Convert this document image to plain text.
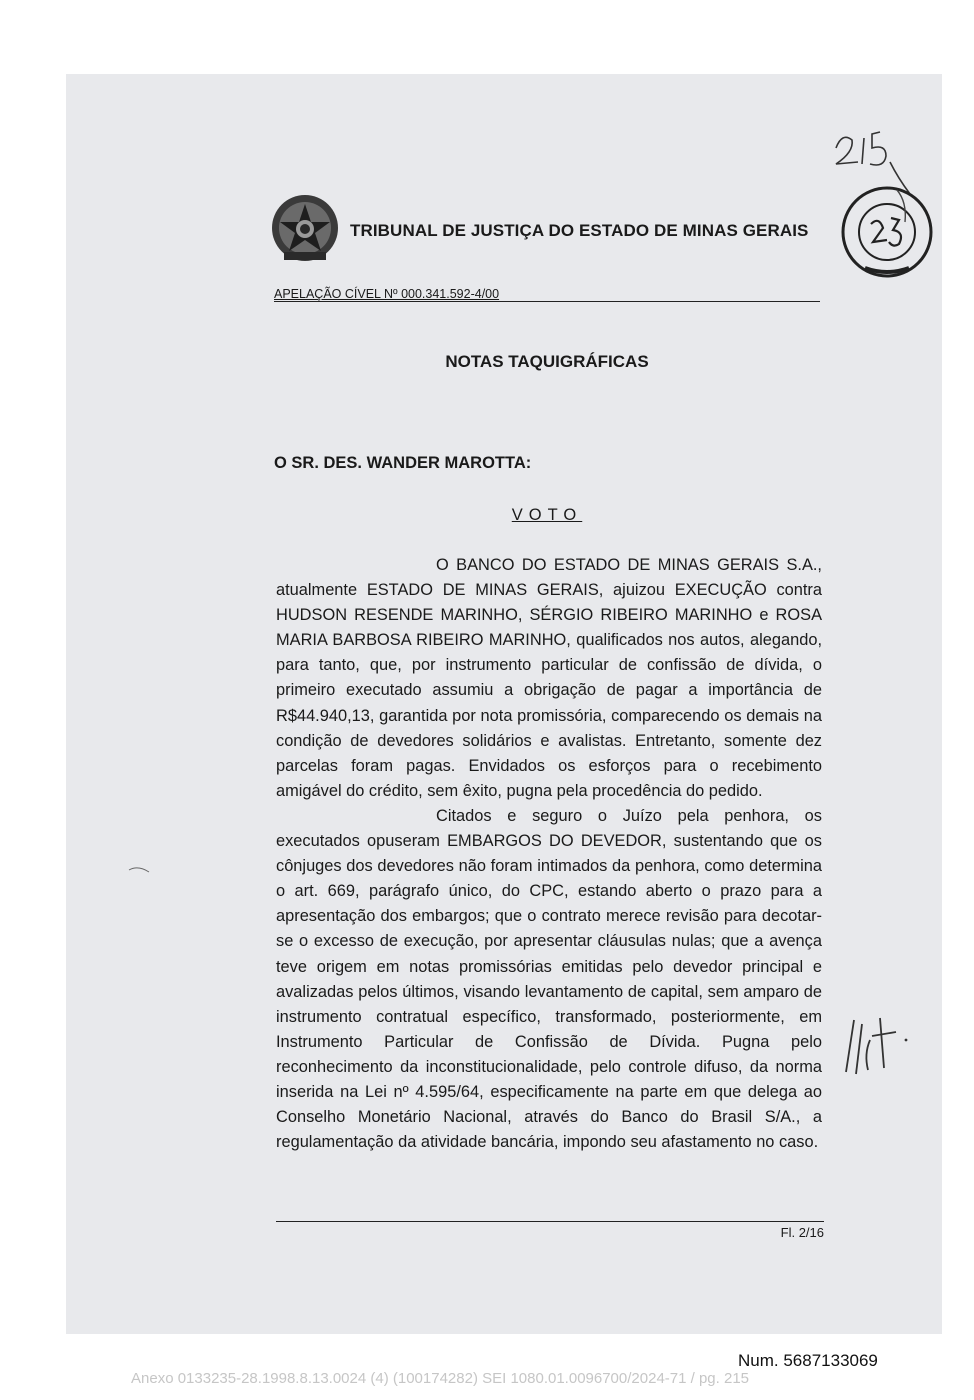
TRIBUNAL DE JUSTIÇA DO ESTADO DE MINAS GERAIS
APELAÇÃO CÍVEL Nº 000.341.592-4/00
NOTAS TAQUIGRÁFICAS
O SR. DES. WANDER MAROTTA:
VOTO

O BANCO DO ESTADO DE MINAS GERAIS S.A., atualmente ESTADO DE MINAS GERAIS, ajuizou EXECUÇÃO contra HUDSON RESENDE MARINHO, SÉRGIO RIBEIRO MARINHO e ROSA MARIA BARBOSA RIBEIRO MARINHO, qualificados nos autos, alegando, para tanto, que, por instrumento particular de confissão de dívida, o primeiro executado assumiu a obrigação de pagar a importância de R$44.940,13, garantida por nota promissória, comparecendo os demais na condição de devedores solidários e avalistas. Entretanto, somente dez parcelas foram pagas. Envidados os esforços para o recebimento amigável do crédito, sem êxito, pugna pela procedência do pedido.

Citados e seguro o Juízo pela penhora, os executados opuseram EMBARGOS DO DEVEDOR, sustentando que os cônjuges dos devedores não foram intimados da penhora, como determina o art. 669, parágrafo único, do CPC, estando aberto o prazo para a apresentação dos embargos; que o contrato merece revisão para decotar-se o excesso de execução, por apresentar cláusulas nulas; que a avença teve origem em notas promissórias emitidas pelo devedor principal e avalizadas pelos últimos, visando levantamento de capital, sem amparo de instrumento contratual específico, transformado, posteriormente, em Instrumento Particular de Confissão de Dívida. Pugna pelo reconhecimento da inconstitucionalidade, pelo controle difuso, da norma inserida na Lei nº 4.595/64, especificamente na parte em que delega ao Conselho Monetário Nacional, através do Banco do Brasil S/A., a regulamentação da atividade bancária, impondo seu afastamento no caso.

Fl. 2/16
Num. 5687133069
Anexo 0133235-28.1998.8.13.0024 (4) (100174282) SEI 1080.01.0096700/2024-71 / pg. 215
